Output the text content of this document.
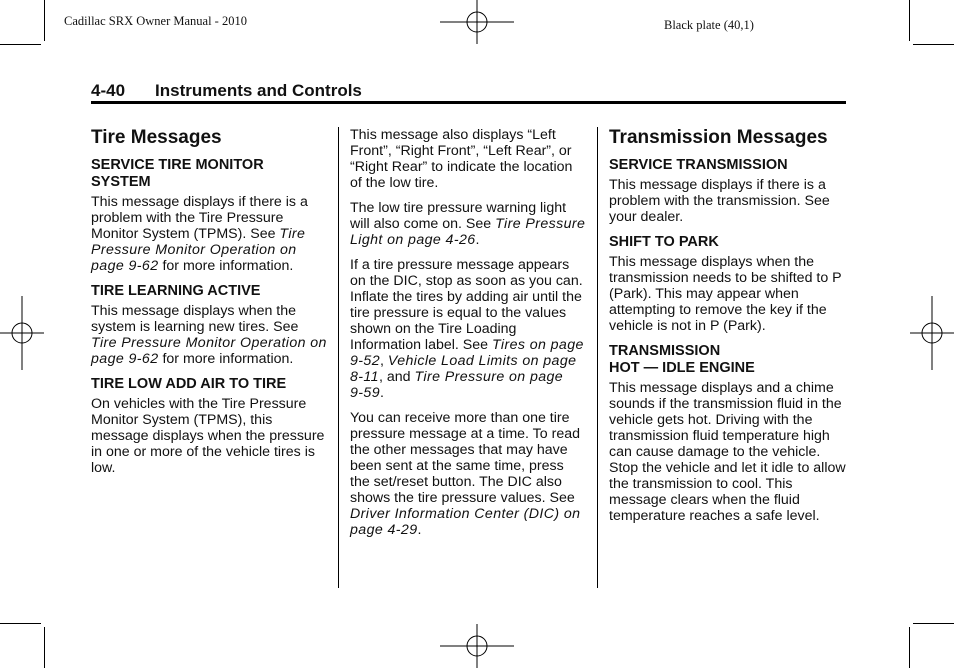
Cadillac SRX Owner Manual - 2010	Black plate (40,1)
4-40 Instruments and Controls
Tire Messages
SERVICE TIRE MONITOR SYSTEM

This message displays if there is a problem with the Tire Pressure Monitor System (TPMS). See Tire Pressure Monitor Operation on page 9‑62 for more information.

TIRE LEARNING ACTIVE

This message displays when the system is learning new tires. See Tire Pressure Monitor Operation on page 9‑62 for more information.

TIRE LOW ADD AIR TO TIRE

On vehicles with the Tire Pressure Monitor System (TPMS), this message displays when the pressure in one or more of the vehicle tires is low.

This message also displays “Left Front”, “Right Front”, “Left Rear”, or “Right Rear” to indicate the location of the low tire.

The low tire pressure warning light will also come on. See Tire Pressure Light on page 4‑26.

If a tire pressure message appears on the DIC, stop as soon as you can. Inflate the tires by adding air until the tire pressure is equal to the values shown on the Tire Loading Information label. See Tires on page 9‑52, Vehicle Load Limits on page 8‑11, and Tire Pressure on page 9‑59.

You can receive more than one tire pressure message at a time. To read the other messages that may have been sent at the same time, press the set/reset button. The DIC also shows the tire pressure values. See Driver Information Center (DIC) on page 4‑29.

Transmission Messages
SERVICE TRANSMISSION

This message displays if there is a problem with the transmission. See your dealer.

SHIFT TO PARK

This message displays when the transmission needs to be shifted to P (Park). This may appear when attempting to remove the key if the vehicle is not in P (Park).

TRANSMISSION
HOT — IDLE ENGINE

This message displays and a chime sounds if the transmission fluid in the vehicle gets hot. Driving with the transmission fluid temperature high can cause damage to the vehicle. Stop the vehicle and let it idle to allow the transmission to cool. This message clears when the fluid temperature reaches a safe level.
